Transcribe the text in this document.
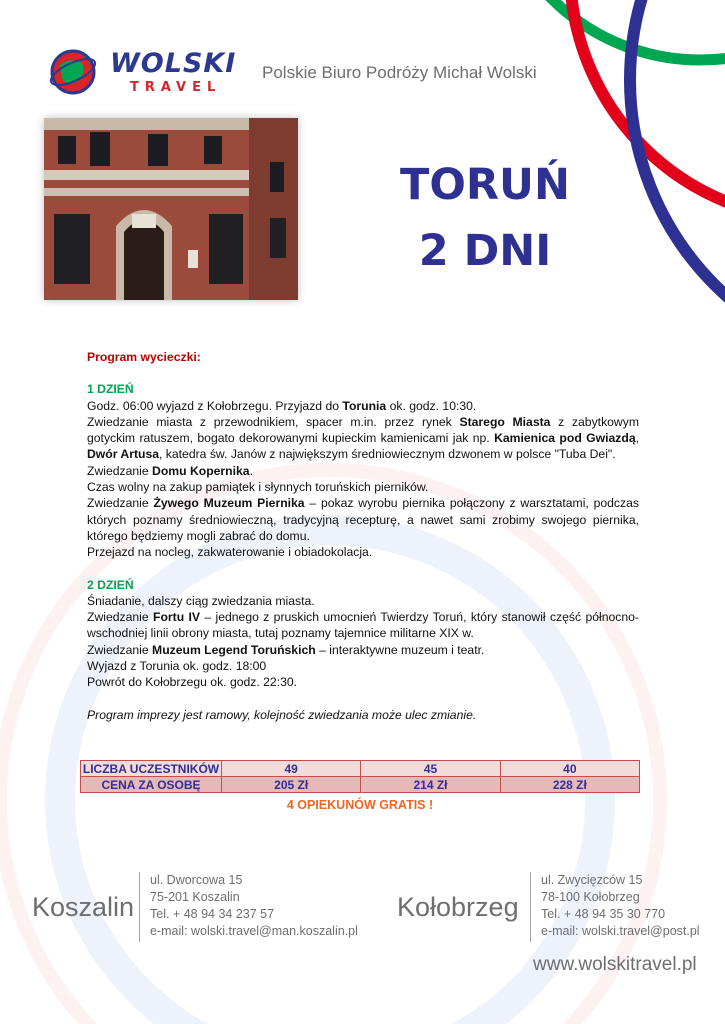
WOLSKI
TRAVEL
Polskie Biuro Podróży Michał Wolski
TORUŃ
2 DNI

Program wycieczki:

1 DZIEŃ

Godz. 06:00 wyjazd z Kołobrzegu. Przyjazd do Torunia ok. godz. 10:30.

Zwiedzanie miasta z przewodnikiem, spacer m.in. przez rynek Starego Miasta z zabytkowym gotyckim ratuszem, bogato dekorowanymi kupieckim kamienicami jak np. Kamienica pod Gwiazdą, Dwór Artusa, katedra św. Janów z największym średniowiecznym dzwonem w polsce "Tuba Dei".

Zwiedzanie Domu Kopernika.

Czas wolny na zakup pamiątek i słynnych toruńskich pierników.

Zwiedzanie Żywego Muzeum Piernika – pokaz wyrobu piernika połączony z warsztatami, podczas których poznamy średniowieczną, tradycyjną recepturę, a nawet sami zrobimy swojego piernika, którego będziemy mogli zabrać do domu.

Przejazd na nocleg, zakwaterowanie i obiadokolacja.

2 DZIEŃ

Śniadanie, dalszy ciąg zwiedzania miasta.

Zwiedzanie Fortu IV – jednego z pruskich umocnień Twierdzy Toruń, który stanowił część północno-wschodniej linii obrony miasta, tutaj poznamy tajemnice militarne XIX w.

Zwiedzanie Muzeum Legend Toruńskich – interaktywne muzeum i teatr.

Wyjazd z Torunia ok. godz. 18:00

Powrót do Kołobrzegu ok. godz. 22:30.

Program imprezy jest ramowy, kolejność zwiedzania może ulec zmianie.

LICZBA UCZESTNIKÓW	49	45	40
CENA ZA OSOBĘ	205 Zł	214 Zł	228 Zł
4 OPIEKUNÓW GRATIS !
Koszalin
ul. Dworcowa 15
75-201 Koszalin
Tel. + 48 94 34 237 57
e-mail: wolski.travel@man.koszalin.pl
Kołobrzeg
ul. Zwycięzców 15
78-100 Kołobrzeg
Tel. + 48 94 35 30 770
e-mail: wolski.travel@post.pl
www.wolskitravel.pl
